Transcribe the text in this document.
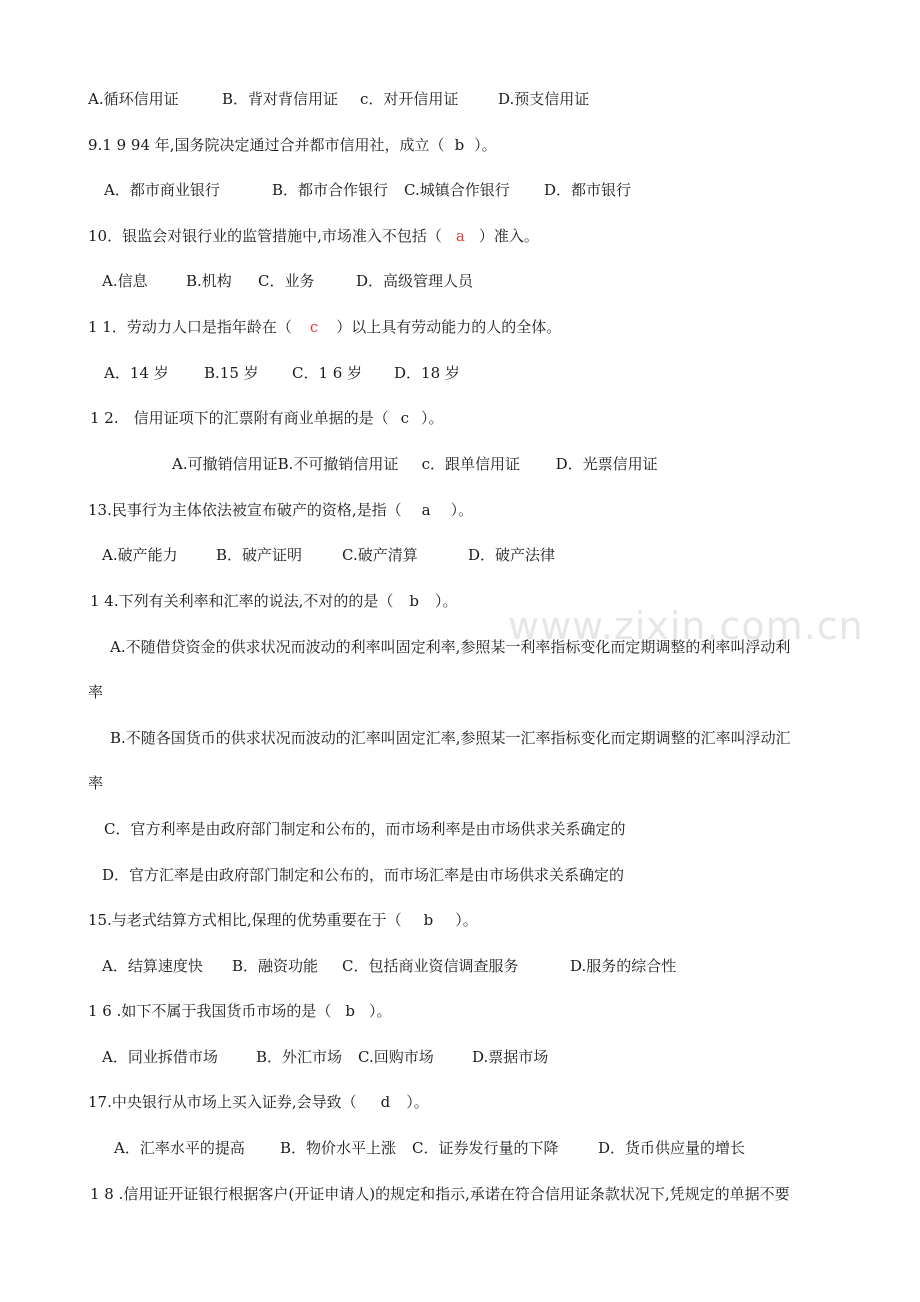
www.zixin.com.cn
A.循环信用证	B．背对背信用证 c．对开信用证	D.预支信用证
9.1 9 94 年,国务院决定通过合并都市信用社，成立（ b ）。
A．都市商业银行	B．都市合作银行 C.城镇合作银行 D．都市银行
10．银监会对银行业的监管措施中,市场准入不包括（ a ）准入。
A.信息	B.机构 C．业务	D．高级管理人员
1 1．劳动力人口是指年龄在（ c ）以上具有劳动能力的人的全体。
A．14 岁 B.15 岁 C．1 6 岁 D．18 岁
1 2.　信用证项下的汇票附有商业单据的是（ c ）。
A.可撤销信用证B.不可撤销信用证 c．跟单信用证 D．光票信用证
13.民事行为主体依法被宣布破产的资格,是指（ a ）。
A.破产能力	B．破产证明	C.破产清算	D．破产法律
1 4.下列有关利率和汇率的说法,不对的的是（ b ）。
A.不随借贷资金的供求状况而波动的利率叫固定利率,参照某一利率指标变化而定期调整的利率叫浮动利
率
B.不随各国货币的供求状况而波动的汇率叫固定汇率,参照某一汇率指标变化而定期调整的汇率叫浮动汇
率
C．官方利率是由政府部门制定和公布的，而市场利率是由市场供求关系确定的
D．官方汇率是由政府部门制定和公布的，而市场汇率是由市场供求关系确定的
15.与老式结算方式相比,保理的优势重要在于（ b ）。
A．结算速度快 B．融资功能 C．包括商业资信调查服务	D.服务的综合性
1 6 .如下不属于我国货币市场的是（ b ）。
A．同业拆借市场	B．外汇市场 C.回购市场	D.票据市场
17.中央银行从市场上买入证券,会导致（ d ）。
A．汇率水平的提高 B．物价水平上涨 C．证券发行量的下降	D．货币供应量的增长
1 8 .信用证开证银行根据客户(开证申请人)的规定和指示,承诺在符合信用证条款状况下,凭规定的单据不要
